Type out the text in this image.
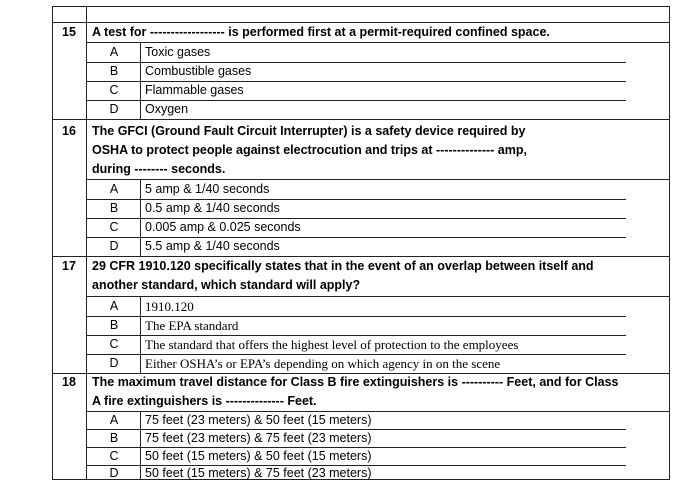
15	A test for ------------------ is performed first at a permit-required confined space.
A	Toxic gases
B	Combustible gases
C	Flammable gases
D	Oxygen
16	The GFCI (Ground Fault Circuit Interrupter) is a safety device required by
OSHA to protect people against electrocution and trips at -------------- amp,
during -------- seconds.
A	5 amp & 1/40 seconds
B	0.5 amp & 1/40 seconds
C	0.005 amp & 0.025 seconds
D	5.5 amp & 1/40 seconds
17	29 CFR 1910.120 specifically states that in the event of an overlap between itself and
another standard, which standard will apply?
A	1910.120
B	The EPA standard
C	The standard that offers the highest level of protection to the employees
D	Either OSHA’s or EPA’s depending on which agency in on the scene
18	The maximum travel distance for Class B fire extinguishers is ---------- Feet, and for Class
A fire extinguishers is -------------- Feet.
A	75 feet (23 meters) & 50 feet (15 meters)
B	75 feet (23 meters) & 75 feet (23 meters)
C	50 feet (15 meters) & 50 feet (15 meters)
D	50 feet (15 meters) & 75 feet (23 meters)
